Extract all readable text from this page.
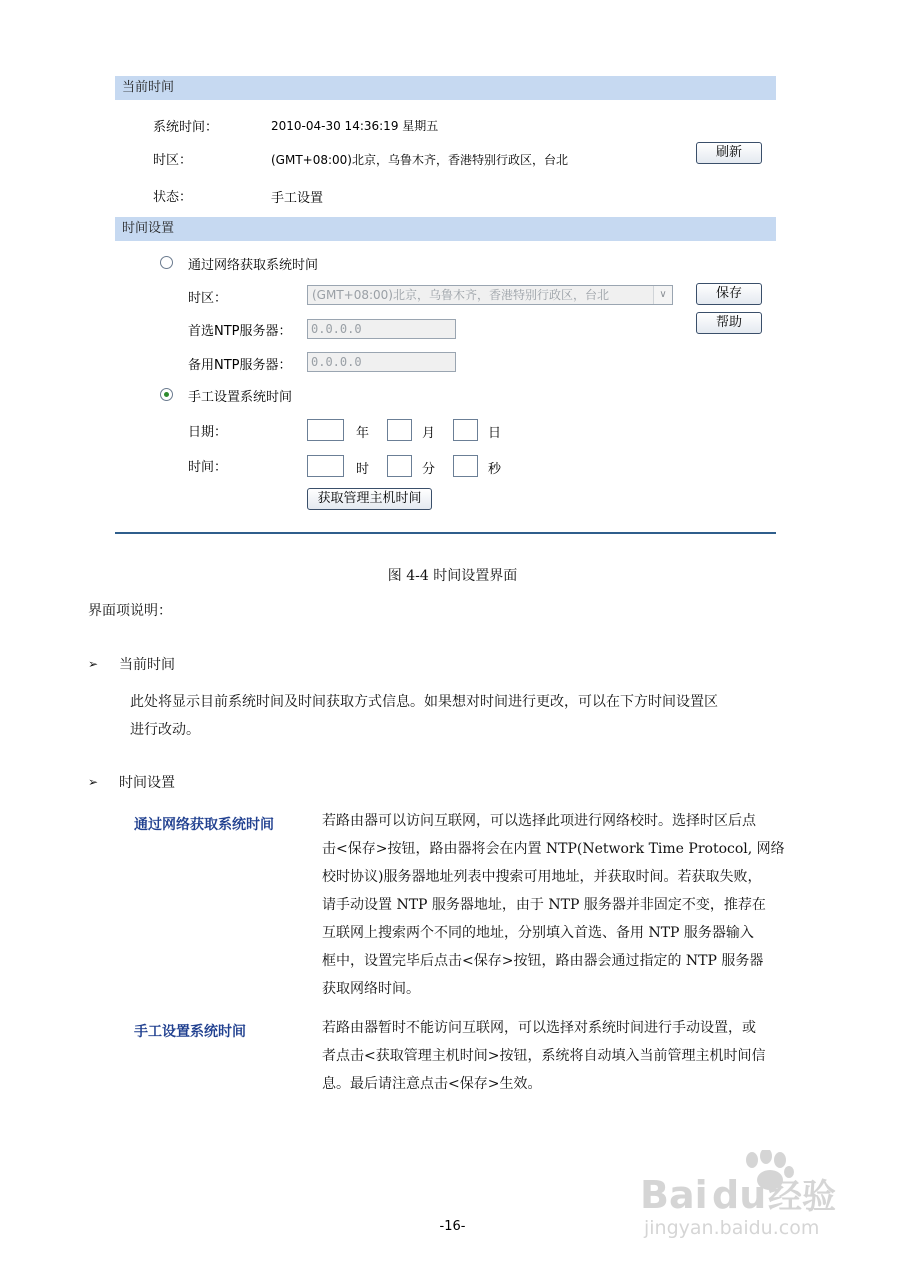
当前时间
系统时间：	2010-04-30 14:36:19 星期五
时区：	(GMT+08:00)北京，乌鲁木齐，香港特别行政区，台北	刷新
状态：	手工设置
时间设置
通过网络获取系统时间
时区：	(GMT+08:00)北京，乌鲁木齐，香港特别行政区，台北	∨
首选NTP服务器：	0.0.0.0
备用NTP服务器：	0.0.0.0
保存
帮助
手工设置系统时间
日期：	年	月	日
时间：	时	分	秒
获取管理主机时间
图 4-4 时间设置界面
界面项说明：
➢ 当前时间
此处将显示目前系统时间及时间获取方式信息。如果想对时间进行更改，可以在下方时间设置区
进行改动。
➢ 时间设置
通过网络获取系统时间	若路由器可以访问互联网，可以选择此项进行网络校时。选择时区后点
击<保存>按钮，路由器将会在内置 NTP(Network Time Protocol, 网络
校时协议)服务器地址列表中搜索可用地址，并获取时间。若获取失败，
请手动设置 NTP 服务器地址，由于 NTP 服务器并非固定不变，推荐在
互联网上搜索两个不同的地址，分别填入首选、备用 NTP 服务器输入
框中，设置完毕后点击<保存>按钮，路由器会通过指定的 NTP 服务器
获取网络时间。
手工设置系统时间	若路由器暂时不能访问互联网，可以选择对系统时间进行手动设置，或
者点击<获取管理主机时间>按钮，系统将自动填入当前管理主机时间信
息。最后请注意点击<保存>生效。
Bai du 经验
jingyan.baidu.com
-16-
